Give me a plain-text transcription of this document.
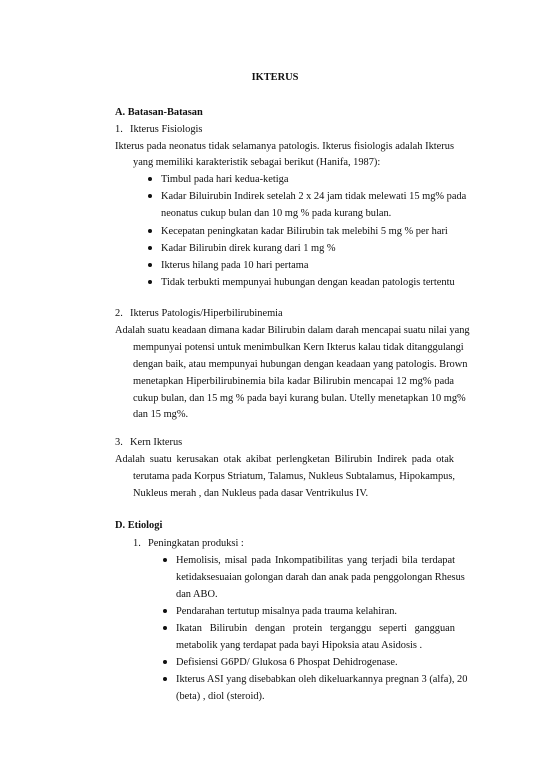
IKTERUS
A. Batasan-Batasan
1. Ikterus Fisiologis
Ikterus pada neonatus tidak selamanya patologis. Ikterus fisiologis adalah Ikterus
yang memiliki karakteristik sebagai berikut (Hanifa, 1987):
Timbul pada hari kedua-ketiga
Kadar Biluirubin Indirek setelah 2 x 24 jam tidak melewati 15 mg% pada
neonatus cukup bulan dan 10 mg % pada kurang bulan.
Kecepatan peningkatan kadar Bilirubin tak melebihi 5 mg % per hari
Kadar Bilirubin direk kurang dari 1 mg %
Ikterus hilang pada 10 hari pertama
Tidak terbukti mempunyai hubungan dengan keadan patologis tertentu
2. Ikterus Patologis/Hiperbilirubinemia
Adalah suatu keadaan dimana kadar Bilirubin dalam darah mencapai suatu nilai yang
mempunyai potensi untuk menimbulkan Kern Ikterus kalau tidak ditanggulangi
dengan baik, atau mempunyai hubungan dengan keadaan yang patologis. Brown
menetapkan Hiperbilirubinemia bila kadar Bilirubin mencapai 12 mg% pada
cukup bulan, dan 15 mg % pada bayi kurang bulan. Utelly menetapkan 10 mg%
dan 15 mg%.
3. Kern Ikterus
Adalah suatu kerusakan otak akibat perlengketan Bilirubin Indirek pada otak
terutama pada Korpus Striatum, Talamus, Nukleus Subtalamus, Hipokampus,
Nukleus merah , dan Nukleus pada dasar Ventrikulus IV.
D. Etiologi
1. Peningkatan produksi :
Hemolisis, misal pada Inkompatibilitas yang terjadi bila terdapat
ketidaksesuaian golongan darah dan anak pada penggolongan Rhesus
dan ABO.
Pendarahan tertutup misalnya pada trauma kelahiran.
Ikatan Bilirubin dengan protein terganggu seperti gangguan
metabolik yang terdapat pada bayi Hipoksia atau Asidosis .
Defisiensi G6PD/ Glukosa 6 Phospat Dehidrogenase.
Ikterus ASI yang disebabkan oleh dikeluarkannya pregnan 3 (alfa), 20
(beta) , diol (steroid).
